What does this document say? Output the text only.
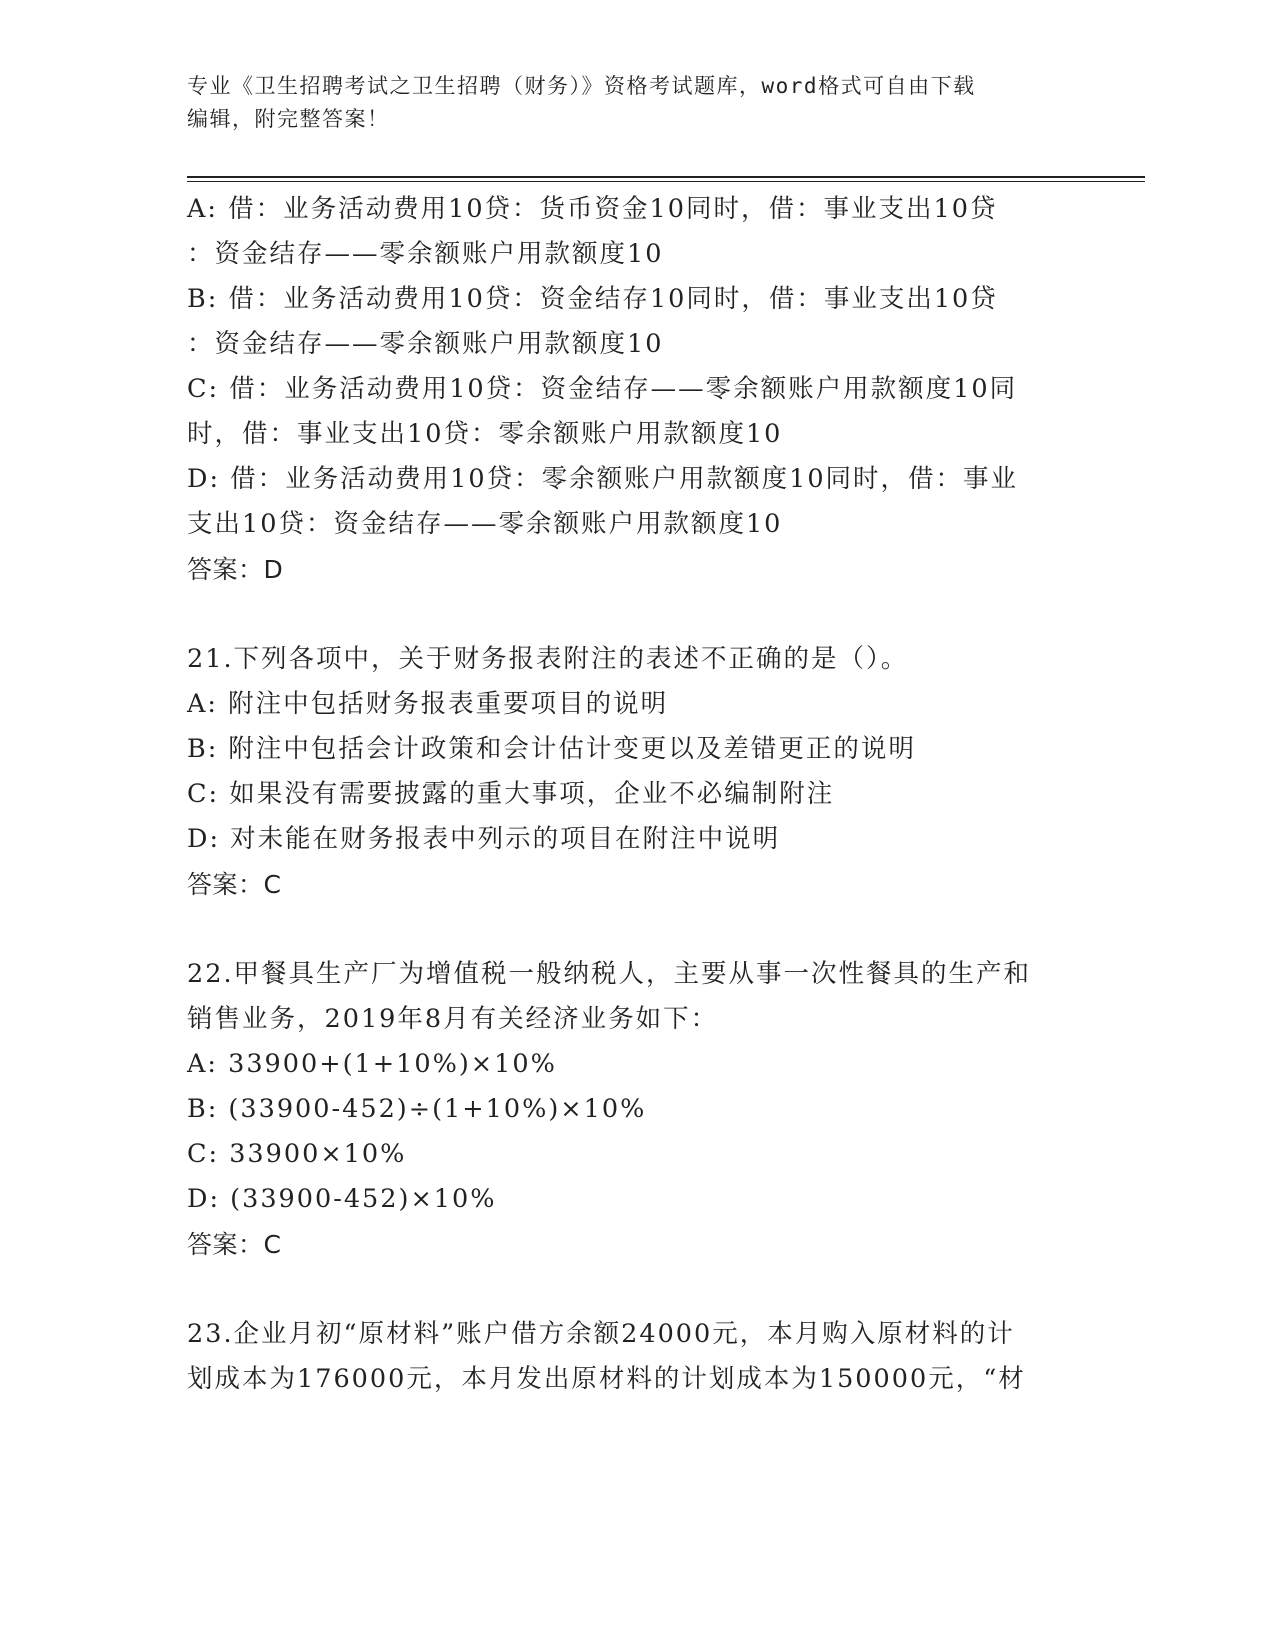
专业《卫生招聘考试之卫生招聘（财务）》资格考试题库，word格式可自由下载
编辑，附完整答案！
A: 借：业务活动费用10贷：货币资金10同时，借：事业支出10贷
：资金结存——零余额账户用款额度10
B: 借：业务活动费用10贷：资金结存10同时，借：事业支出10贷
：资金结存——零余额账户用款额度10
C: 借：业务活动费用10贷：资金结存——零余额账户用款额度10同
时，借：事业支出10贷：零余额账户用款额度10
D: 借：业务活动费用10贷：零余额账户用款额度10同时，借：事业
支出10贷：资金结存——零余额账户用款额度10
答案：D
21.下列各项中，关于财务报表附注的表述不正确的是（）。
A: 附注中包括财务报表重要项目的说明
B: 附注中包括会计政策和会计估计变更以及差错更正的说明
C: 如果没有需要披露的重大事项，企业不必编制附注
D: 对未能在财务报表中列示的项目在附注中说明
答案：C
22.甲餐具生产厂为增值税一般纳税人，主要从事一次性餐具的生产和
销售业务，2019年8月有关经济业务如下：
A: 33900+(1+10%)×10%
B: (33900-452)÷(1+10%)×10%
C: 33900×10%
D: (33900-452)×10%
答案：C
23.企业月初“原材料”账户借方余额24000元，本月购入原材料的计
划成本为176000元，本月发出原材料的计划成本为150000元，“材
